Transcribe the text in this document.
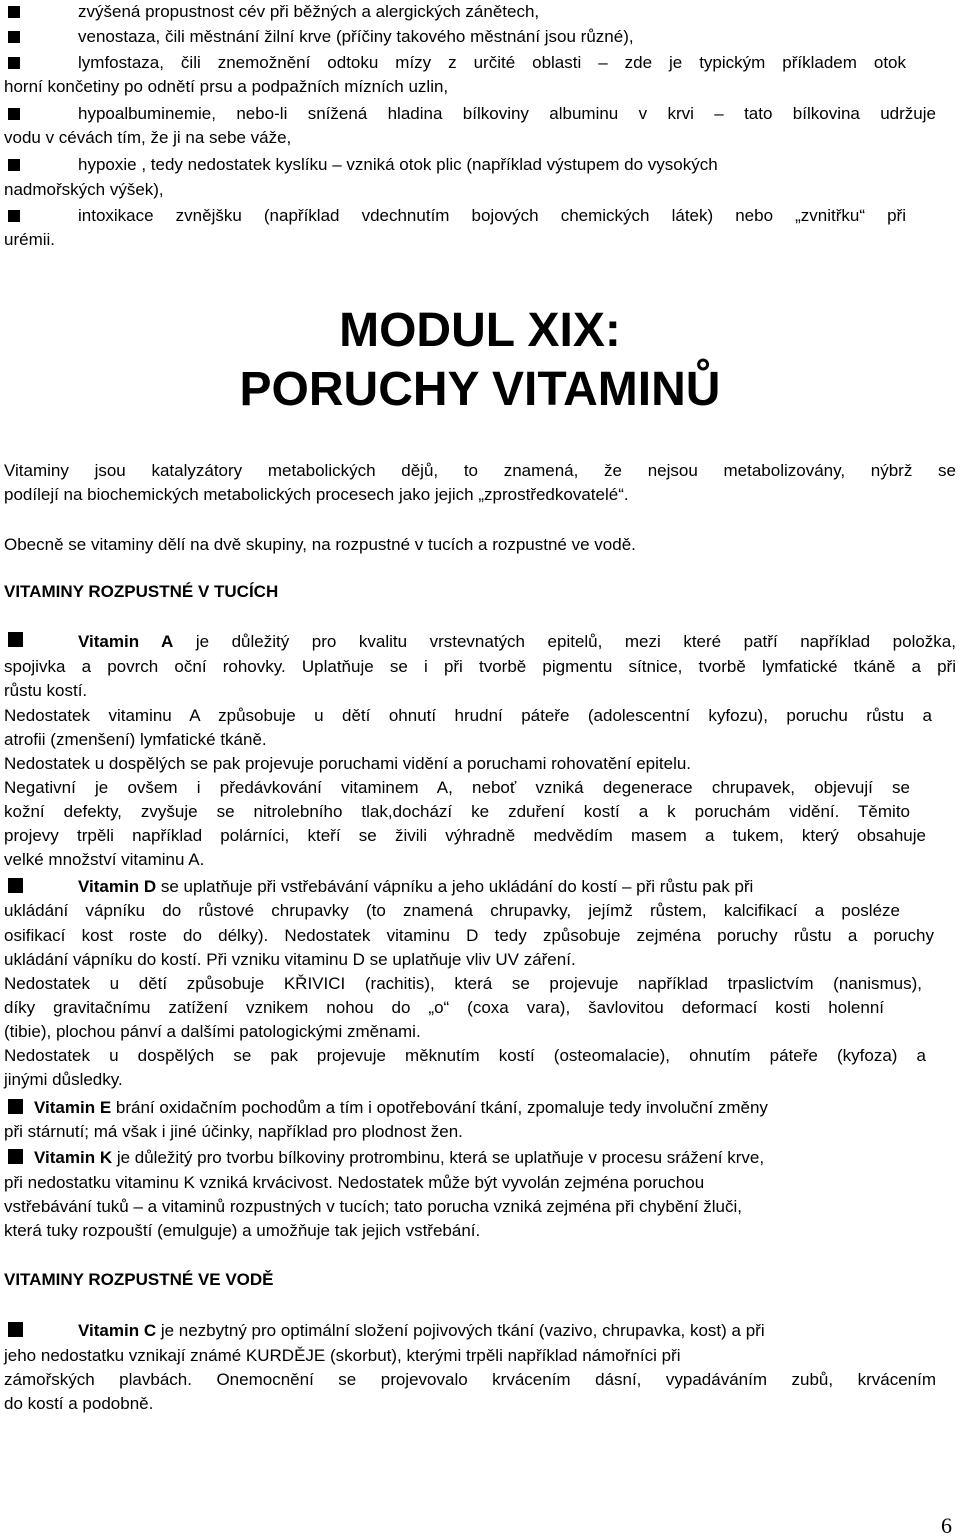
zvýšená propustnost cév při běžných a alergických zánětech,
venostaza, čili městnání žilní krve (příčiny takového městnání jsou různé),
lymfostaza, čili znemožnění odtoku mízy z určité oblasti – zde je typickým příkladem otok
horní končetiny po odnětí prsu a podpažních mízních uzlin,
hypoalbuminemie, nebo-li snížená hladina bílkoviny albuminu v krvi – tato bílkovina udržuje
vodu v cévách tím, že ji na sebe váže,
hypoxie , tedy nedostatek kyslíku – vzniká otok plic (například výstupem do vysokých
nadmořských výšek),
intoxikace zvnějšku (například vdechnutím bojových chemických látek) nebo „zvnitřku“ při
urémii.
MODUL XIX:
PORUCHY VITAMINŮ
Vitaminy jsou katalyzátory metabolických dějů, to znamená, že nejsou metabolizovány, nýbrž se
podílejí na biochemických metabolických procesech jako jejich „zprostředkovatelé“.
Obecně se vitaminy dělí na dvě skupiny, na rozpustné v tucích a rozpustné ve vodě.
VITAMINY ROZPUSTNÉ V TUCÍCH
Vitamin A je důležitý pro kvalitu vrstevnatých epitelů, mezi které patří například položka,
spojivka a povrch oční rohovky. Uplatňuje se i při tvorbě pigmentu sítnice, tvorbě lymfatické tkáně a při
růstu kostí.
Nedostatek vitaminu A způsobuje u dětí ohnutí hrudní páteře (adolescentní kyfozu), poruchu růstu a
atrofii (zmenšení) lymfatické tkáně.
Nedostatek u dospělých se pak projevuje poruchami vidění a poruchami rohovatění epitelu.
Negativní je ovšem i předávkování vitaminem A, neboť vzniká degenerace chrupavek, objevují se
kožní defekty, zvyšuje se nitrolebního tlak,dochází ke zduření kostí a k poruchám vidění. Těmito
projevy trpěli například polárníci, kteří se živili výhradně medvědím masem a tukem, který obsahuje
velké množství vitaminu A.
Vitamin D se uplatňuje při vstřebávání vápníku a jeho ukládání do kostí – při růstu pak při
ukládání vápníku do růstové chrupavky (to znamená chrupavky, jejímž růstem, kalcifikací a posléze
osifikací kost roste do délky). Nedostatek vitaminu D tedy způsobuje zejména poruchy růstu a poruchy
ukládání vápníku do kostí. Při vzniku vitaminu D se uplatňuje vliv UV záření.
Nedostatek u dětí způsobuje KŘIVICI (rachitis), která se projevuje například trpaslictvím (nanismus),
díky gravitačnímu zatížení vznikem nohou do „o“ (coxa vara), šavlovitou deformací kosti holenní
(tibie), plochou pánví a dalšími patologickými změnami.
Nedostatek u dospělých se pak projevuje měknutím kostí (osteomalacie), ohnutím páteře (kyfoza) a
jinými důsledky.
Vitamin E brání oxidačním pochodům a tím i opotřebování tkání, zpomaluje tedy involuční změny
při stárnutí; má však i jiné účinky, například pro plodnost žen.
Vitamin K je důležitý pro tvorbu bílkoviny protrombinu, která se uplatňuje v procesu srážení krve,
při nedostatku vitaminu K vzniká krvácivost. Nedostatek může být vyvolán zejména poruchou
vstřebávání tuků – a vitaminů rozpustných v tucích; tato porucha vzniká zejména při chybění žluči,
která tuky rozpouští (emulguje) a umožňuje tak jejich vstřebání.
VITAMINY ROZPUSTNÉ VE VODĚ
Vitamin C je nezbytný pro optimální složení pojivových tkání (vazivo, chrupavka, kost) a při
jeho nedostatku vznikají známé KURDĚJE (skorbut), kterými trpěli například námořníci při
zámořských plavbách. Onemocnění se projevovalo krvácením dásní, vypadáváním zubů, krvácením
do kostí a podobně.
6
